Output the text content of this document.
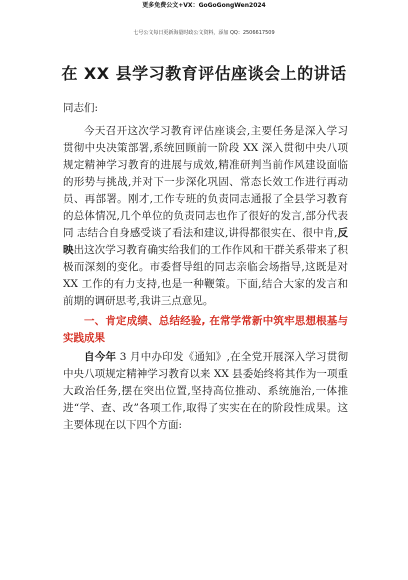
更多免费公文+VX：GoGoGongWen2024
七号公文每日更新海量时政公文资料，添加 QQ：2506617509
在 XX 县学习教育评估座谈会上的讲话

同志们:

今天召开这次学习教育评估座谈会,主要任务是深入学习贯彻中央决策部署,系统回顾前一阶段 XX 深入贯彻中央八项规定精神学习教育的进展与成效,精准研判当前作风建设面临的形势与挑战,并对下一步深化巩固、常态长效工作进行再动员、再部署。刚才,工作专班的负责同志通报了全县学习教育的总体情况,几个单位的负责同志也作了很好的发言,部分代表同 志结合自身感受谈了看法和建议,讲得都很实在、很中肯,反映出这次学习教育确实给我们的工作作风和干群关系带来了积极而深刻的变化。市委督导组的同志亲临会场指导,这既是对 XX 工作的有力支持,也是一种鞭策。下面,结合大家的发言和前期的调研思考,我讲三点意见。

一、肯定成绩、总结经验, 在常学常新中筑牢思想根基与实践成果

自今年 3 月中办印发《通知》,在全党开展深入学习贯彻中央八项规定精神学习教育以来 XX 县委始终将其作为一项重大政治任务,摆在突出位置,坚持高位推动、系统施治,一体推进“学、查、改”各项工作,取得了实实在在的阶段性成果。这主要体现在以下四个方面:
